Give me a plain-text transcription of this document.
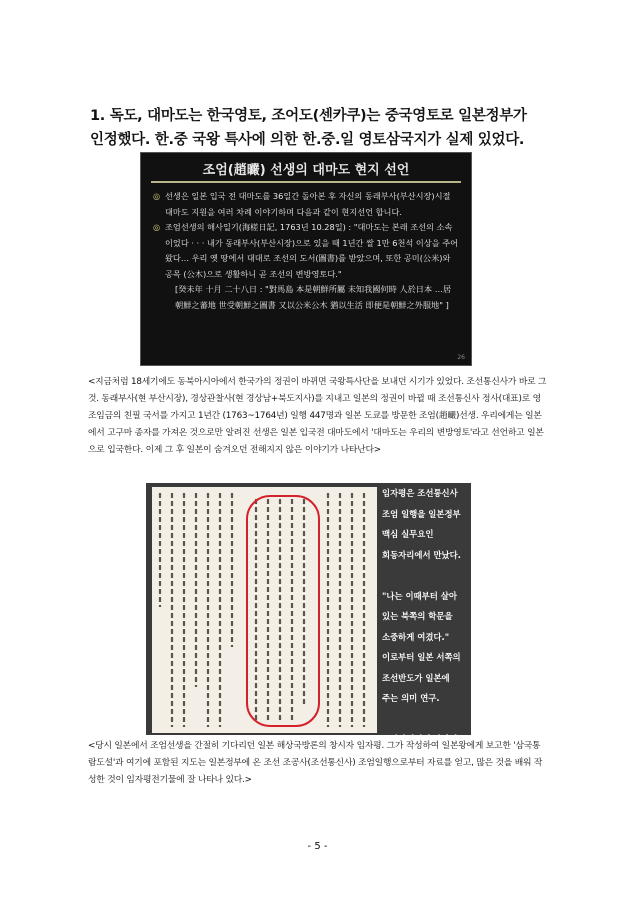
1. 독도, 대마도는 한국영토, 조어도(센카쿠)는 중국영토로 일본정부가
인정했다. 한.중 국왕 특사에 의한 한.중.일 영토삼국지가 실제 있었다.
조엄(趙曮) 선생의 대마도 현지 선언
◎ 선생은 일본 입국 전 대마도를 36일간 돌아본 후 자신의 동래부사(부산시장)시절 대마도 지원을 여러 차례 이야기하며 다음과 같이 현지선언 합니다.
◎ 조엄선생의 해사일기(海槎日記, 1763년 10.28일) : "대마도는 본래 조선의 소속이었다 · · · 내가 동래부사(부산시장)으로 있을 때 1년간 쌀 1만 6천석 이상을 주어왔다… 우리 옛 땅에서 대대로 조선의 도서(圖書)를 받았으며, 또한 공미(公米)와 공목 (公木)으로 생활하니 곧 조선의 변방영토다."
[癸未年 十月 二十八日 : "對馬島 本是朝鮮所屬 未知我國何時 人於日本 …居朝鮮之蕃地 世受朝鮮之圖書 又以公米公木 猶以生活 即便是朝鮮之外服地" ]
26
<지금처럼 18세기에도 동북아시아에서 한국가의 정권이 바뀌면 국왕특사단을 보내던 시기가 있었다. 조선통신사가 바로 그것. 동래부사(현 부산시장), 경상관찰사(현 경상남+북도지사)를 지내고 일본의 정권이 바뀔 때 조선통신사 정사(대표)로 영조임금의 친필 국서를 가지고 1년간 (1763~1764년) 일행 447명과 일본 도쿄를 방문한 조엄(趙曮)선생. 우리에게는 일본에서 고구마 종자를 가져온 것으로만 알려진 선생은 일본 입국전 대마도에서 '대마도는 우리의 변방영토'라고 선언하고 일본으로 입국한다. 이제 그 후 일본이 숨겨오던 전해지지 않은 이야기가 나타난다>
임자평은 조선통신사
조엄 일행을 일본정부
맥심 실무요인
회동자리에서 만났다.

"나는 이때부터 살아
있는 북쪽의 학문을
소중하게 여겼다."
이로부터 일본 서쪽의
조선반도가 일본에
주는 의미 연구.

<당시 일본에서 조엄선생을 간절히 기다리던 일본 해상국방론의 창시자 임자평. 그가 작성하여 일본왕에게 보고한 '삼국통람도설'과 여기에 포함된 지도는 일본정부에 온 조선 조공사(조선통신사) 조엄일행으로부터 자료를 얻고, 많은 것을 배워 작성한 것이 임자평전기물에 잘 나타나 있다.>
- 5 -
